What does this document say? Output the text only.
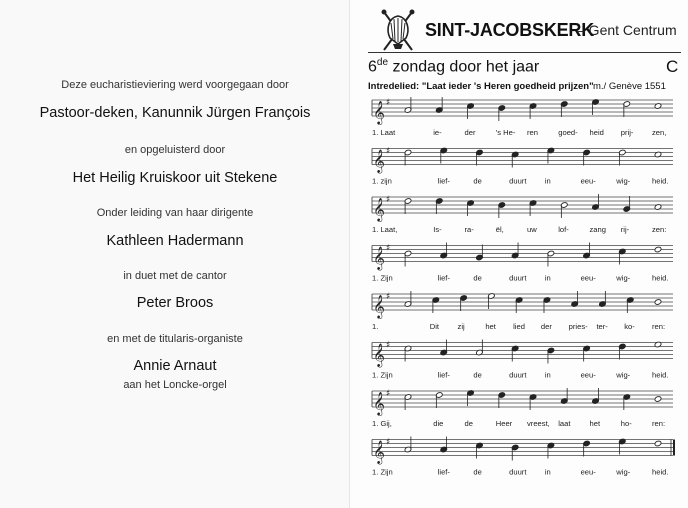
Deze eucharistieviering werd voorgegaan door
Pastoor-deken, Kanunnik Jürgen François
en opgeluisterd door
Het Heilig Kruiskoor uit Stekene
Onder leiding van haar dirigente
Kathleen Hadermann
in duet met de cantor
Peter Broos
en met de titularis-organiste
Annie Arnaut
aan het Loncke-orgel
SINT-JACOBSKERK
– Gent Centrum
6de zondag door het jaar	C
Intredelied: "Laat ieder 's Heren goedheid prijzen" m./ Genève 1551
𝄞 ♯
1. Laat	ie-	der	's He- ren	goed- heid prij- zen,
𝄞 ♯
1. zijn	lief-	de	duurt in	eeu-	wig-	heid.
𝄞 ♯
1. Laat,	Is-	ra-	ël,	uw	lof-	zang rij-	zen:
𝄞 ♯
1. Zijn	lief-	de	duurt in	eeu-	wig-	heid.
𝄞 ♯
1.	Dit zij	het lied der pries- ter- ko- ren:
𝄞 ♯
1. Zijn	lief-	de	duurt in	eeu-	wig-	heid.
𝄞 ♯
1. Gij,	die	de	Heer vreest, laat	het	ho-	ren:
𝄞 ♯
1. Zijn	lief-	de	duurt in	eeu-	wig-	heid.
